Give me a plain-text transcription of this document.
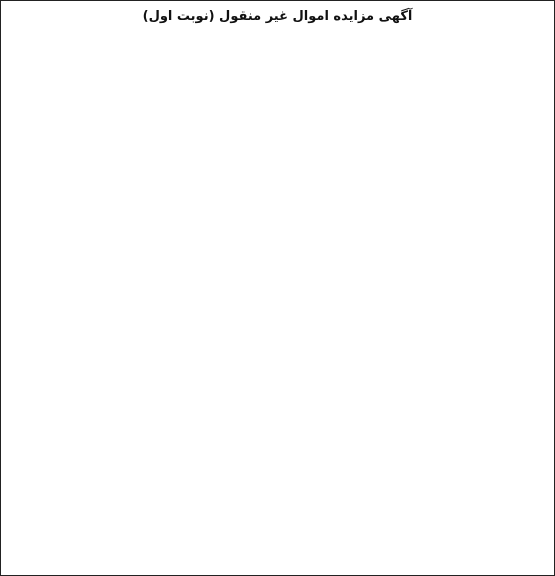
آگهی مزایده اموال غیر منقول (نوبت اول)
